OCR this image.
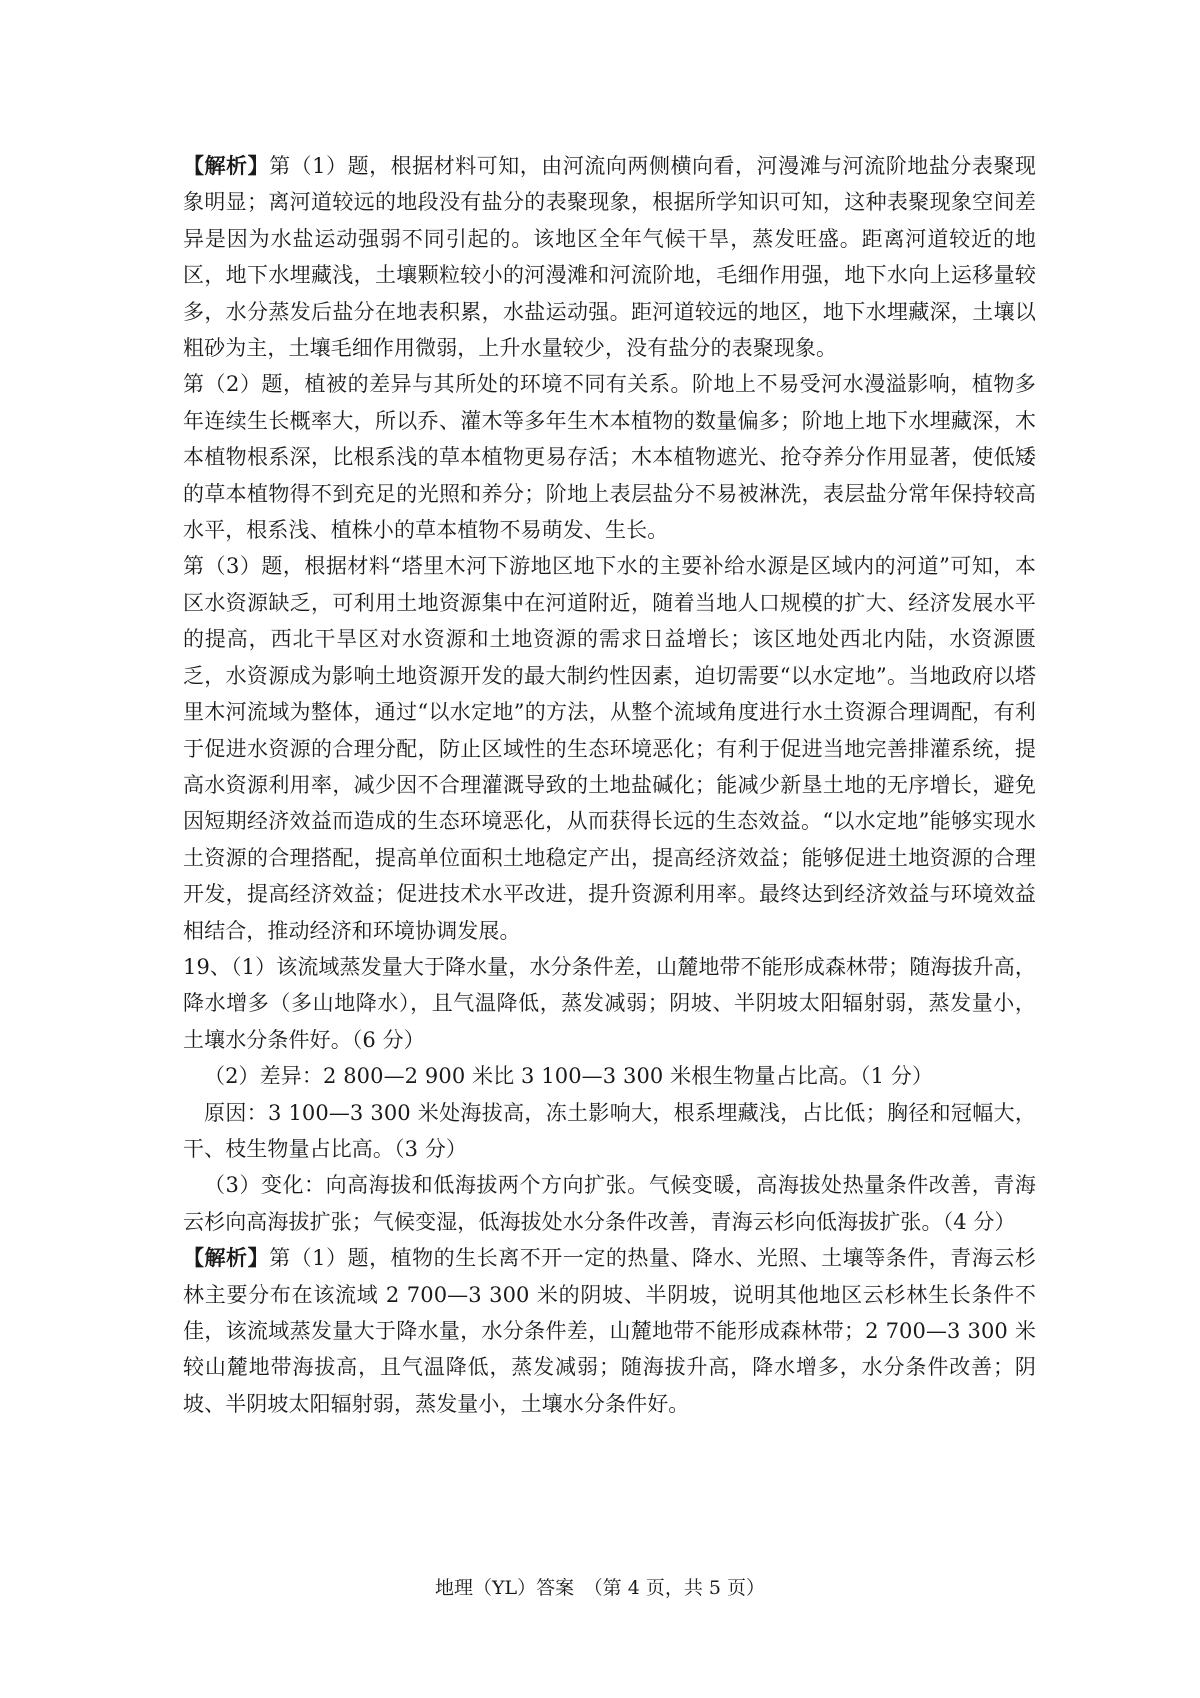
【解析】第（1）题，根据材料可知，由河流向两侧横向看，河漫滩与河流阶地盐分表聚现象明显；离河道较远的地段没有盐分的表聚现象，根据所学知识可知，这种表聚现象空间差异是因为水盐运动强弱不同引起的。该地区全年气候干旱，蒸发旺盛。距离河道较近的地区，地下水埋藏浅，土壤颗粒较小的河漫滩和河流阶地，毛细作用强，地下水向上运移量较多，水分蒸发后盐分在地表积累，水盐运动强。距河道较远的地区，地下水埋藏深，土壤以粗砂为主，土壤毛细作用微弱，上升水量较少，没有盐分的表聚现象。

第（2）题，植被的差异与其所处的环境不同有关系。阶地上不易受河水漫溢影响，植物多年连续生长概率大，所以乔、灌木等多年生木本植物的数量偏多；阶地上地下水埋藏深，木本植物根系深，比根系浅的草本植物更易存活；木本植物遮光、抢夺养分作用显著，使低矮的草本植物得不到充足的光照和养分；阶地上表层盐分不易被淋洗，表层盐分常年保持较高水平，根系浅、植株小的草本植物不易萌发、生长。

第（3）题，根据材料“塔里木河下游地区地下水的主要补给水源是区域内的河道”可知，本区水资源缺乏，可利用土地资源集中在河道附近，随着当地人口规模的扩大、经济发展水平的提高，西北干旱区对水资源和土地资源的需求日益增长；该区地处西北内陆，水资源匮乏，水资源成为影响土地资源开发的最大制约性因素，迫切需要“以水定地”。当地政府以塔里木河流域为整体，通过“以水定地”的方法，从整个流域角度进行水土资源合理调配，有利于促进水资源的合理分配，防止区域性的生态环境恶化；有利于促进当地完善排灌系统，提高水资源利用率，减少因不合理灌溉导致的土地盐碱化；能减少新垦土地的无序增长，避免因短期经济效益而造成的生态环境恶化，从而获得长远的生态效益。“以水定地”能够实现水土资源的合理搭配，提高单位面积土地稳定产出，提高经济效益；能够促进土地资源的合理开发，提高经济效益；促进技术水平改进，提升资源利用率。最终达到经济效益与环境效益相结合，推动经济和环境协调发展。

19、（1）该流域蒸发量大于降水量，水分条件差，山麓地带不能形成森林带；随海拔升高，降水增多（多山地降水），且气温降低，蒸发减弱；阴坡、半阴坡太阳辐射弱，蒸发量小，土壤水分条件好。（6 分）

（2）差异：2 800—2 900 米比 3 100—3 300 米根生物量占比高。（1 分）

原因：3 100—3 300 米处海拔高，冻土影响大，根系埋藏浅，占比低；胸径和冠幅大，干、枝生物量占比高。（3 分）

（3）变化：向高海拔和低海拔两个方向扩张。气候变暖，高海拔处热量条件改善，青海云杉向高海拔扩张；气候变湿，低海拔处水分条件改善，青海云杉向低海拔扩张。（4 分）

【解析】第（1）题，植物的生长离不开一定的热量、降水、光照、土壤等条件，青海云杉林主要分布在该流域 2 700—3 300 米的阴坡、半阴坡，说明其他地区云杉林生长条件不佳，该流域蒸发量大于降水量，水分条件差，山麓地带不能形成森林带；2 700—3 300 米较山麓地带海拔高，且气温降低，蒸发减弱；随海拔升高，降水增多，水分条件改善；阴坡、半阴坡太阳辐射弱，蒸发量小，土壤水分条件好。

地理（YL）答案　（第 4 页，共 5 页）
